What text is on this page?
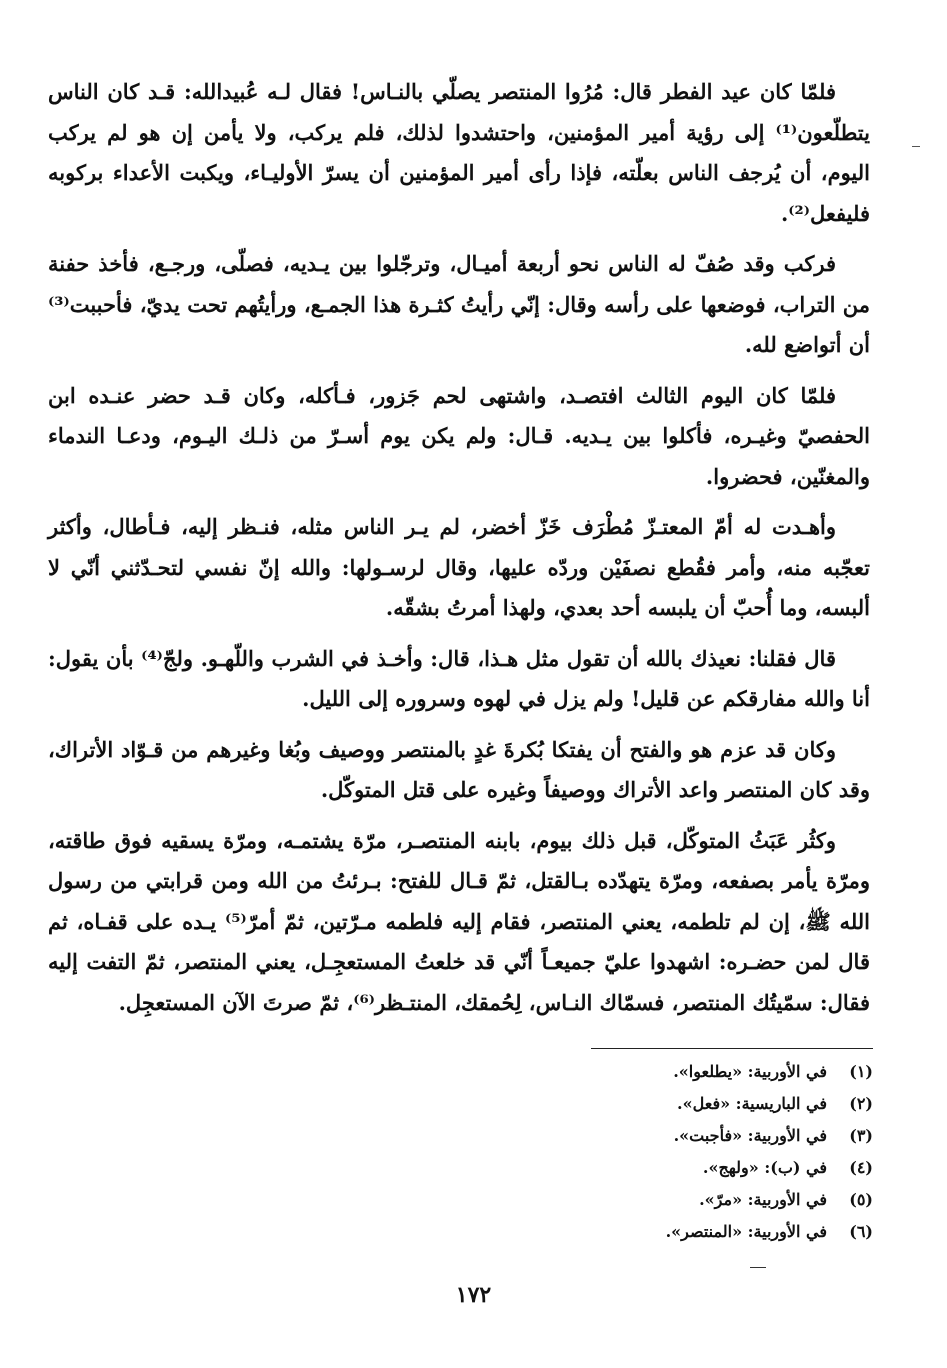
فلمّا كان عيد الفطر قال: مُرُوا المنتصر يصلّي بالنـاس! فقال لـه عُبيدالله: قـد كان الناس يتطلّعون⁽¹⁾ إلى رؤية أمير المؤمنين، واحتشدوا لذلك، فلم يركب، ولا يأمن إن هو لم يركب اليوم، أن يُرجف الناس بعلّته، فإذا رأى أمير المؤمنين أن يسرّ الأوليـاء، ويكبت الأعداء بركوبه فليفعل⁽²⁾.

فركب وقد صُفّ له الناس نحو أربعة أميـال، وترجّلوا بين يـديه، فصلّى، ورجـع، فأخذ حفنة من التراب، فوضعها على رأسه وقال: إنّي رأيتُ كثـرة هذا الجمـع، ورأيتُهم تحت يديّ، فأحببت⁽³⁾ أن أتواضع لله.

فلمّا كان اليوم الثالث افتصـد، واشتهى لحم جَزور، فـأكله، وكان قـد حضر عنـده ابن الحفصيّ وغيـره، فأكلوا بين يـديه. قـال: ولم يكن يوم أسـرّ من ذلـك اليـوم، ودعـا الندماء والمغنّين، فحضروا.

وأهـدت له أمّ المعتـزّ مُطْرَف خَزّ أخضر، لم يـر الناس مثله، فنـظر إليه، فـأطال، وأكثر تعجّبه منه، وأمر فقُطع نصفَيْن وردّه عليها، وقال لرسـولها: والله إنّ نفسي لتحـدّثني أنّي لا ألبسه، وما أُحبّ أن يلبسه أحد بعدي، ولهذا أمرتُ بشقّه.

قال فقلنا: نعيذك بالله أن تقول مثل هـذا، قال: وأخـذ في الشرب واللّهـو. ولجّ⁽⁴⁾ بأن يقول: أنا والله مفارقكم عن قليل! ولم يزل في لهوه وسروره إلى الليل.

وكان قد عزم هو والفتح أن يفتكا بُكرةَ غدٍ بالمنتصر ووصيف وبُغا وغيرهم من قـوّاد الأتراك، وقد كان المنتصر واعد الأتراك ووصيفاً وغيره على قتل المتوكّل.

وكثُر عَبَثُ المتوكّل، قبل ذلك بيوم، بابنه المنتصـر، مرّة يشتمـه، ومرّة يسقيه فوق طاقته، ومرّة يأمر بصفعه، ومرّة يتهدّده بـالقتل، ثمّ قـال للفتح: بـرئتُ من الله ومن قرابتي من رسول الله ﷺ، إن لم تلطمه، يعني المنتصر، فقام إليه فلطمه مـرّتين، ثمّ أمرّ⁽⁵⁾ يـده على قفـاه، ثم قال لمن حضـره: اشهدوا عليّ جميعـاً أنّي قد خلعتُ المستعجِـل، يعني المنتصر، ثمّ التفت إليه فقال: سمّيتُك المنتصر، فسمّاك النـاس، لِحُمقك، المنتـظر⁽⁶⁾، ثمّ صرتَ الآن المستعجِل.

(١)
في الأوربية: «يطلعوا».
(٢)
في الباريسية: «فعل».
(٣)
في الأوربية: «فأجبت».
(٤)
في (ب): «ولهج».
(٥)
في الأوربية: «مرّ».
(٦)
في الأوربية: «المنتصر».
١٧٢
